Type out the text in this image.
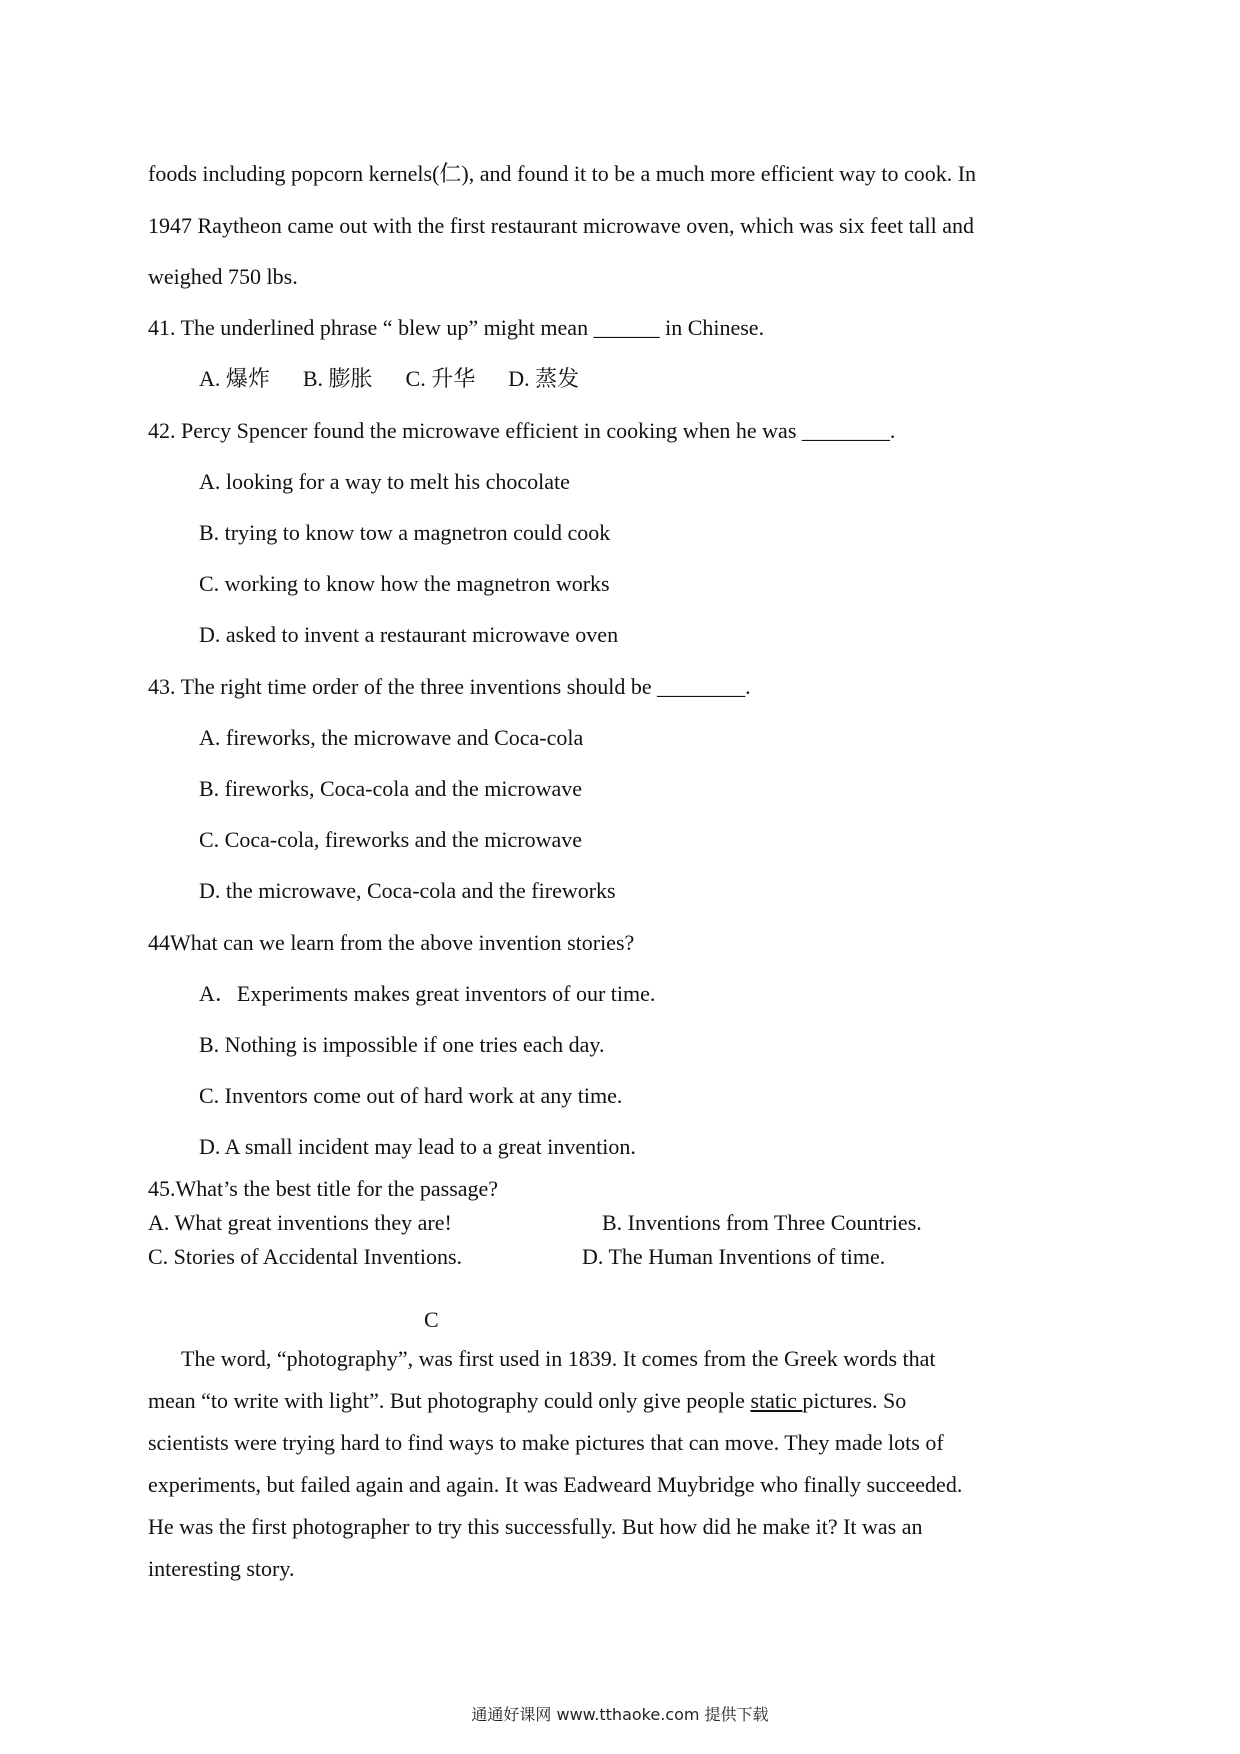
foods including popcorn kernels(仁), and found it to be a much more efficient way to cook. In
1947 Raytheon came out with the first restaurant microwave oven, which was six feet tall and
weighed 750 lbs.
41. The underlined phrase “ blew up” might mean ______ in Chinese.
A. 爆炸      B. 膨胀      C. 升华      D. 蒸发
42. Percy Spencer found the microwave efficient in cooking when he was ________.
A. looking for a way to melt his chocolate
B. trying to know tow a magnetron could cook
C. working to know how the magnetron works
D. asked to invent a restaurant microwave oven
43. The right time order of the three inventions should be ________.
A. fireworks, the microwave and Coca-cola
B. fireworks, Coca-cola and the microwave
C. Coca-cola, fireworks and the microwave
D. the microwave, Coca-cola and the fireworks
44What can we learn from the above invention stories?
A．Experiments makes great inventors of our time.
B. Nothing is impossible if one tries each day.
C. Inventors come out of hard work at any time.
D. A small incident may lead to a great invention.
45.What’s the best title for the passage?
A. What great inventions they are!	B. Inventions from Three Countries.
C. Stories of Accidental Inventions.	D. The Human Inventions of time.
C
The word, “photography”, was first used in 1839. It comes from the Greek words that
mean “to write with light”. But photography could only give people static pictures. So
scientists were trying hard to find ways to make pictures that can move. They made lots of
experiments, but failed again and again. It was Eadweard Muybridge who finally succeeded.
He was the first photographer to try this successfully. But how did he make it? It was an
interesting story.
通通好课网 www.tthaoke.com 提供下载
